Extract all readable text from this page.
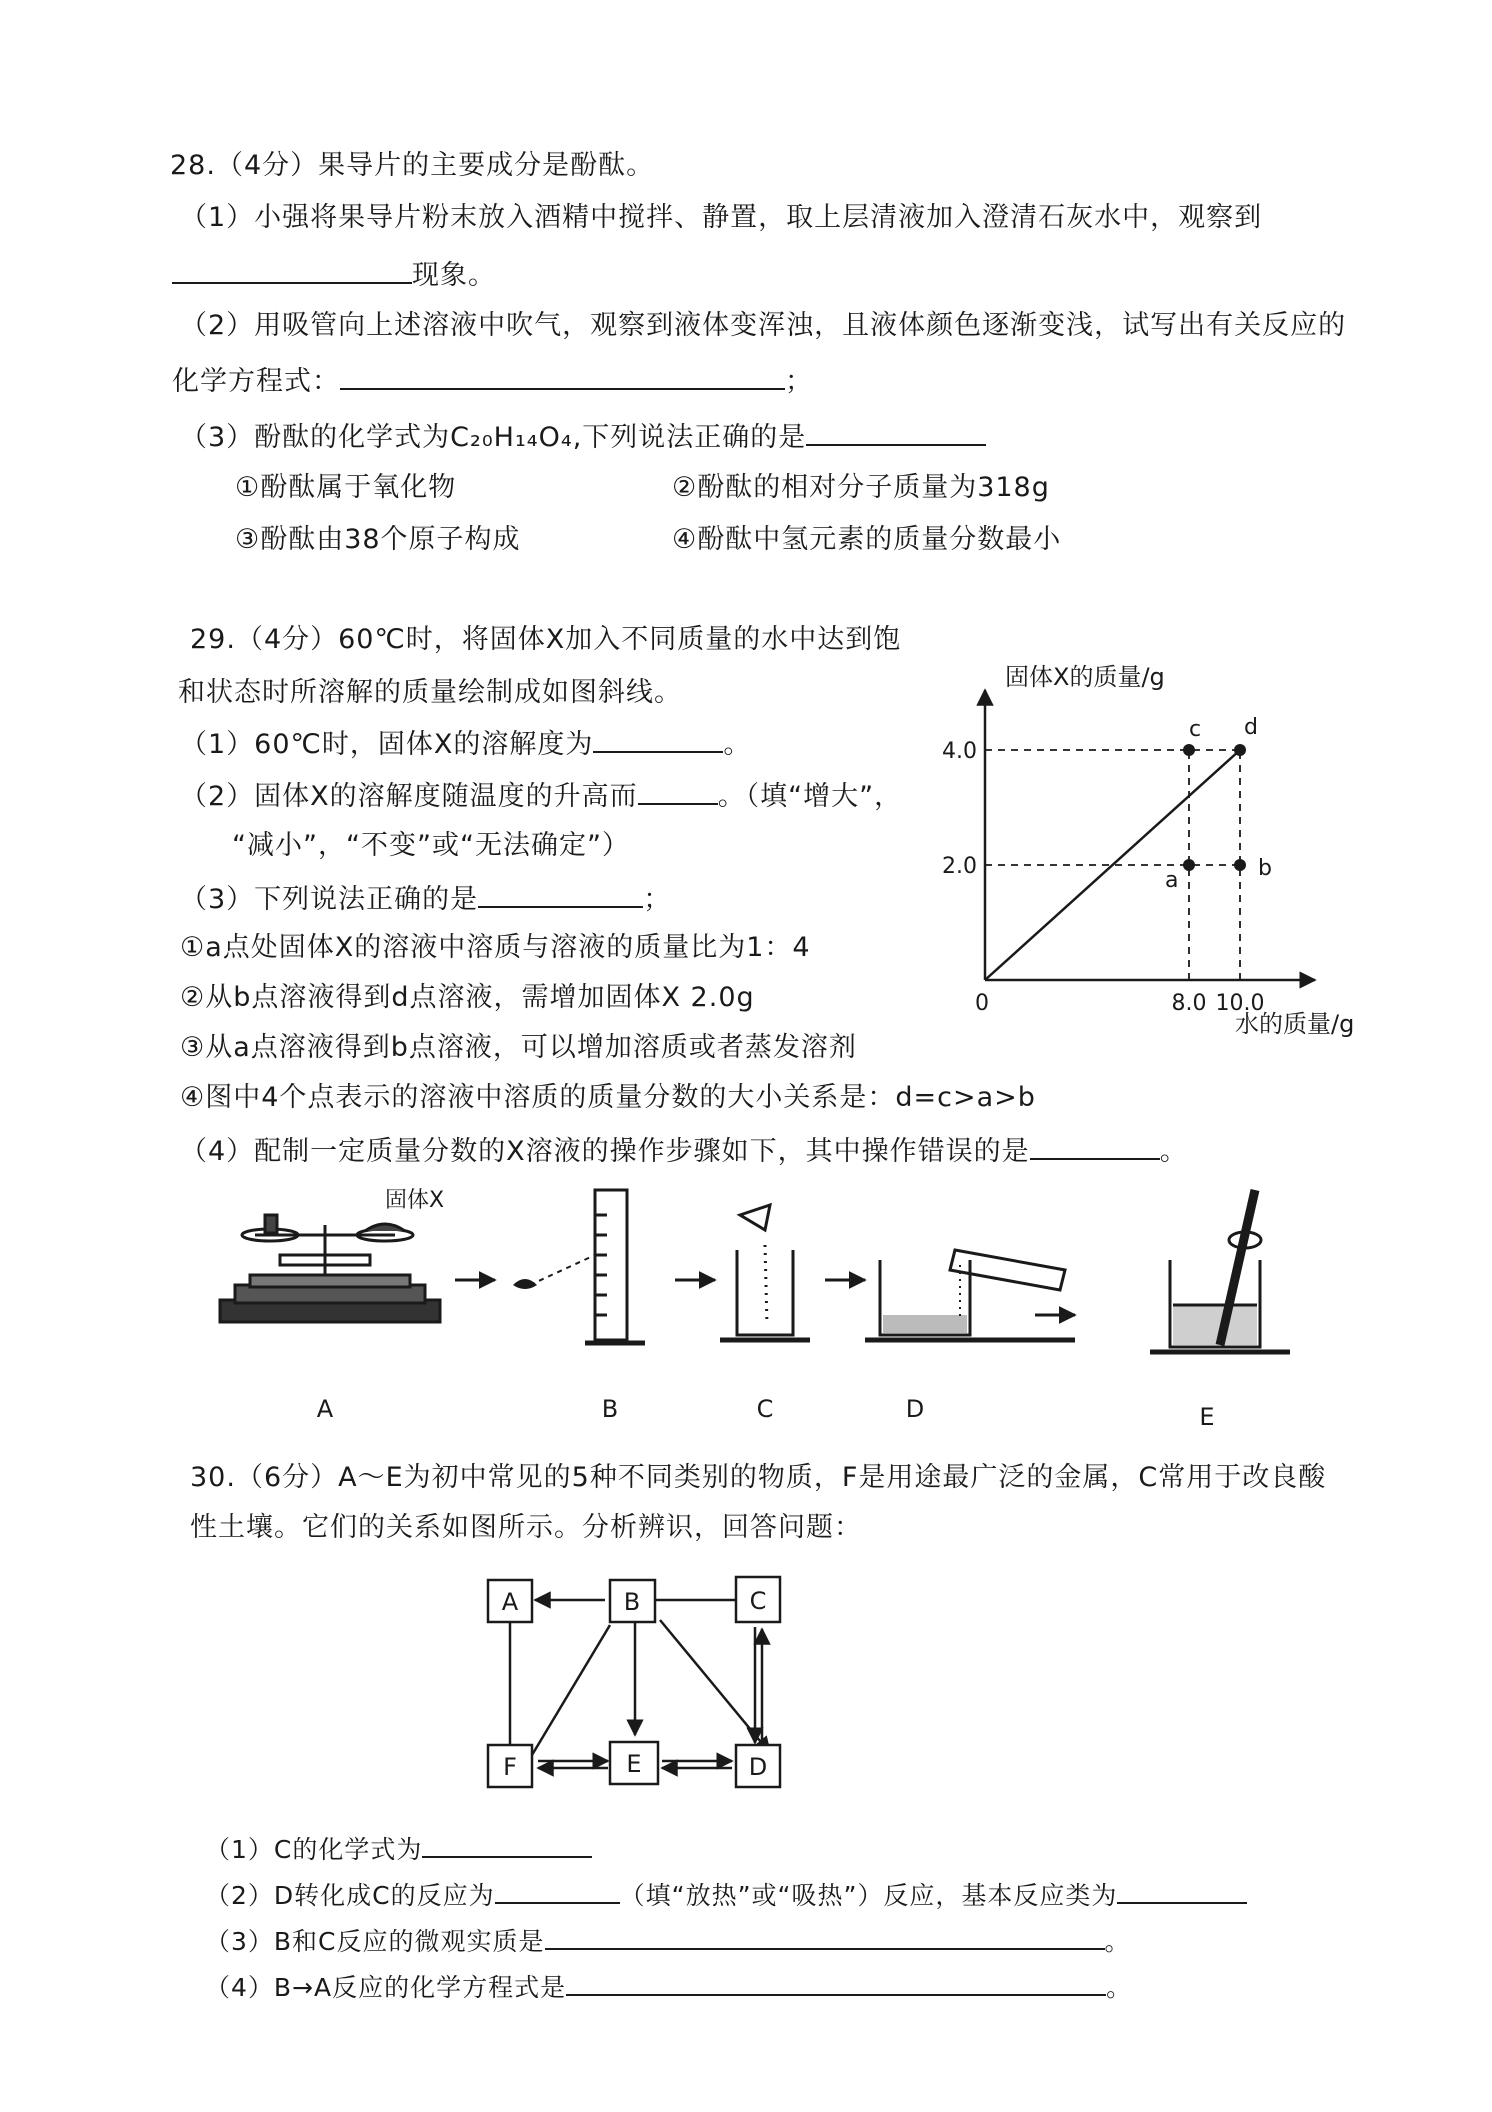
28.（4分）果导片的主要成分是酚酞。
（1）小强将果导片粉末放入酒精中搅拌、静置，取上层清液加入澄清石灰水中，观察到
现象。
（2）用吸管向上述溶液中吹气，观察到液体变浑浊，且液体颜色逐渐变浅，试写出有关反应的
化学方程式：	；
（3）酚酞的化学式为C₂₀H₁₄O₄,下列说法正确的是
①酚酞属于氧化物	②酚酞的相对分子质量为318g
③酚酞由38个原子构成	④酚酞中氢元素的质量分数最小
29.（4分）60℃时，将固体X加入不同质量的水中达到饱
和状态时所溶解的质量绘制成如图斜线。
（1）60℃时，固体X的溶解度为	。
（2）固体X的溶解度随温度的升高而	。（填“增大”，
“减小”，“不变”或“无法确定”）
（3）下列说法正确的是	；
①a点处固体X的溶液中溶质与溶液的质量比为1：4
②从b点溶液得到d点溶液，需增加固体X 2.0g
③从a点溶液得到b点溶液，可以增加溶质或者蒸发溶剂
④图中4个点表示的溶液中溶质的质量分数的大小关系是：d=c>a>b
（4）配制一定质量分数的X溶液的操作步骤如下，其中操作错误的是	。
固体X的质量/g
水的质量/g
0	8.0 10.0
2.0
4.0
a	b
c d
固体X
A	B	C	D	E
30.（6分）A～E为初中常见的5种不同类别的物质，F是用途最广泛的金属，C常用于改良酸
性土壤。它们的关系如图所示。分析辨识，回答问题：
A	B	C
D
E
F
（1）C的化学式为
（2）D转化成C的反应为	（填“放热”或“吸热”）反应，基本反应类为
（3）B和C反应的微观实质是	。
（4）B→A反应的化学方程式是	。
